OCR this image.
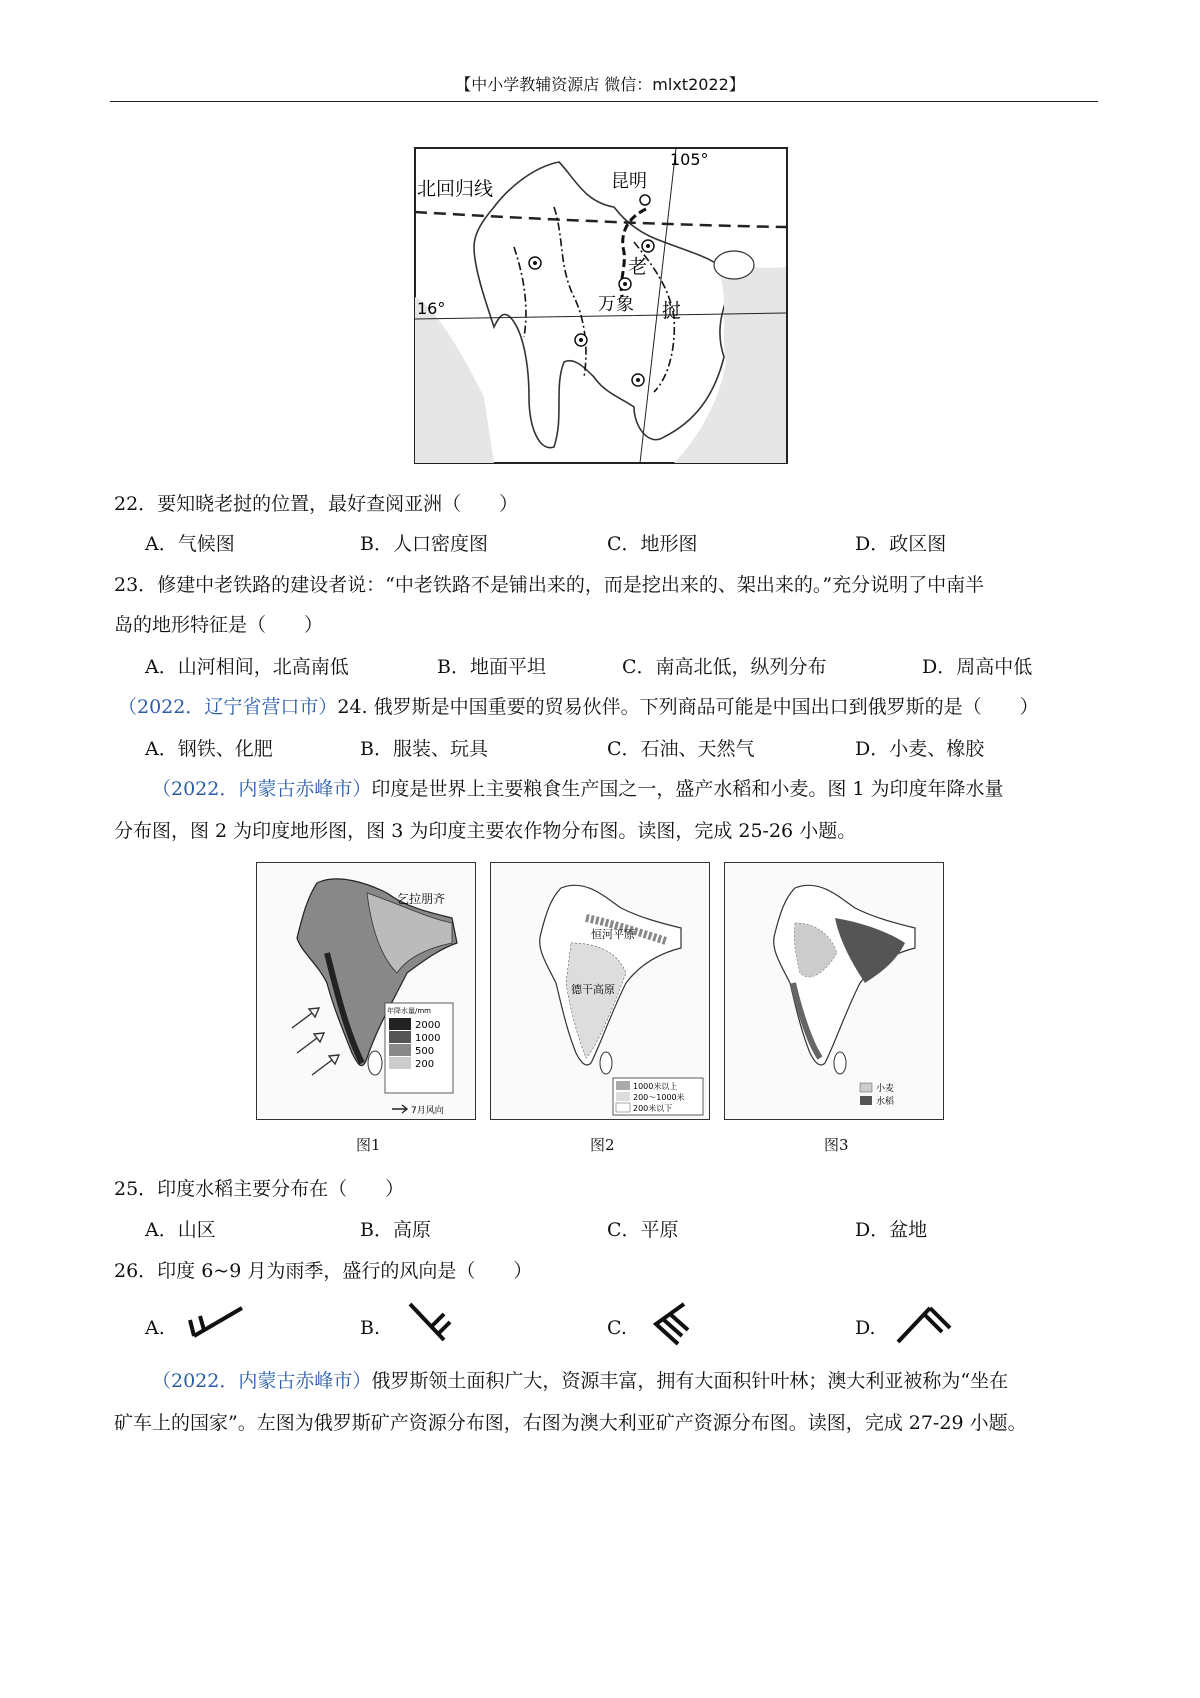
【中小学教辅资源店 微信：mlxt2022】
北回归线	昆明
105°
16°
老
万象 挝
22．要知晓老挝的位置，最好查阅亚洲（　　）
A．气候图	B．人口密度图	C．地形图	D．政区图
23．修建中老铁路的建设者说：“中老铁路不是铺出来的，而是挖出来的、架出来的。”充分说明了中南半
岛的地形特征是（　　）
A．山河相间，北高南低	B．地面平坦	C．南高北低，纵列分布	D．周高中低
（2022．辽宁省营口市）24. 俄罗斯是中国重要的贸易伙伴。下列商品可能是中国出口到俄罗斯的是（　　）
A．钢铁、化肥	B．服装、玩具	C．石油、天然气	D．小麦、橡胶
（2022．内蒙古赤峰市）印度是世界上主要粮食生产国之一，盛产水稻和小麦。图 1 为印度年降水量
分布图，图 2 为印度地形图，图 3 为印度主要农作物分布图。读图，完成 25-26 小题。
乞拉朋齐
年降水量/mm
2000
1000
500
200
7月风向
恒河平原
德干高原
1000米以上
200～1000米
200米以下
小麦
水稻
图1	图2	图3
25．印度水稻主要分布在（　　）
A．山区	B．高原	C．平原	D．盆地
26．印度 6~9 月为雨季，盛行的风向是（　　）
A.	B.	C.	D.
（2022．内蒙古赤峰市）俄罗斯领土面积广大，资源丰富，拥有大面积针叶林；澳大利亚被称为“坐在
矿车上的国家”。左图为俄罗斯矿产资源分布图，右图为澳大利亚矿产资源分布图。读图，完成 27-29 小题。
